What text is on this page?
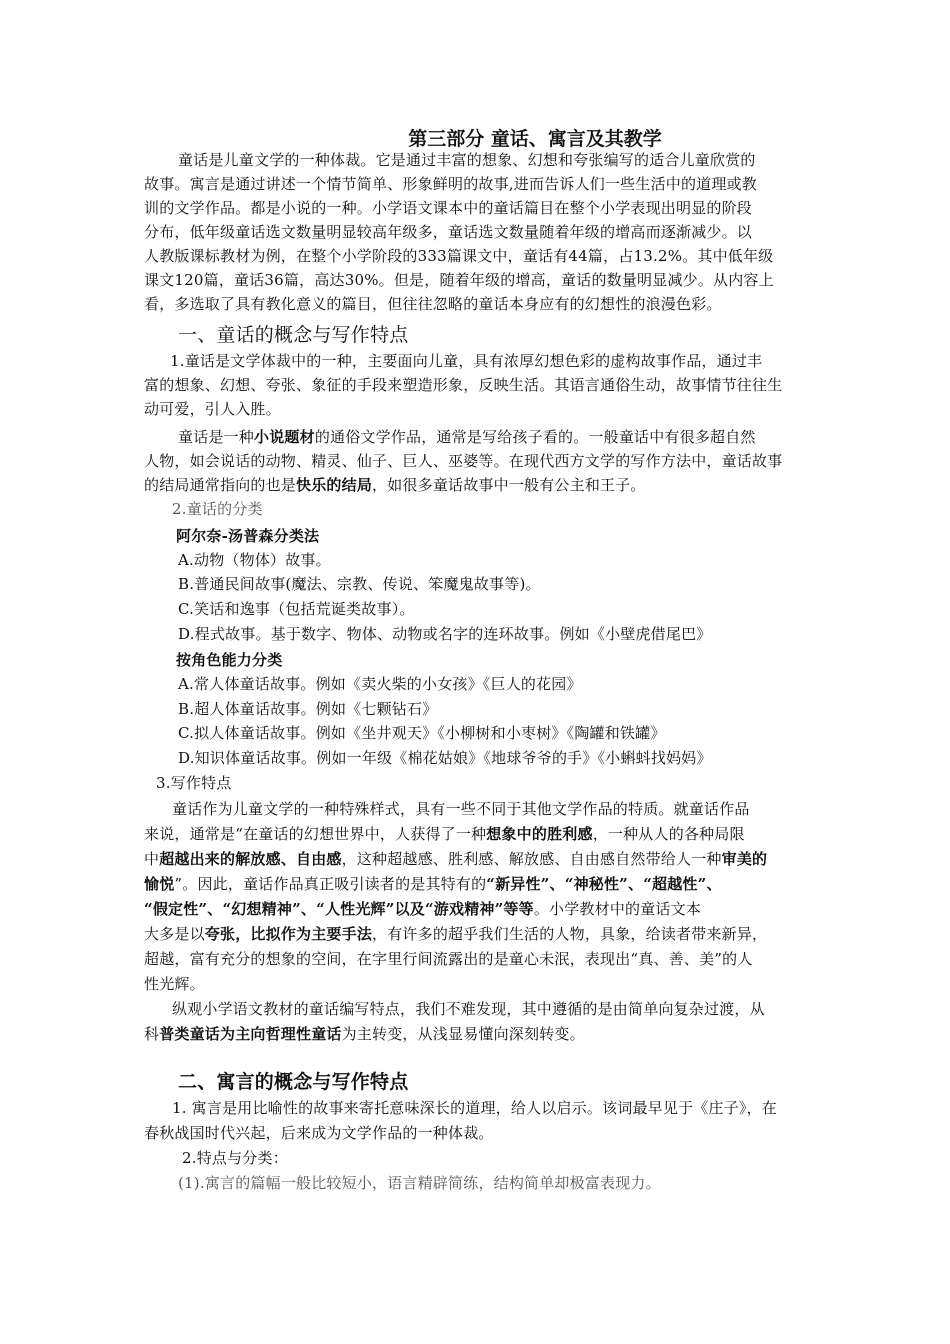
第三部分 童话、寓言及其教学
童话是儿童文学的一种体裁。它是通过丰富的想象、幻想和夸张编写的适合儿童欣赏的
故事。寓言是通过讲述一个情节简单、形象鲜明的故事,进而告诉人们一些生活中的道理或教
训的文学作品。都是小说的一种。小学语文课本中的童话篇目在整个小学表现出明显的阶段
分布，低年级童话选文数量明显较高年级多，童话选文数量随着年级的增高而逐渐减少。以
人教版课标教材为例，在整个小学阶段的333篇课文中，童话有44篇，占13.2%。其中低年级
课文120篇，童话36篇，高达30%。但是，随着年级的增高，童话的数量明显减少。从内容上
看，多选取了具有教化意义的篇目，但往往忽略的童话本身应有的幻想性的浪漫色彩。
一、童话的概念与写作特点
1.童话是文学体裁中的一种，主要面向儿童，具有浓厚幻想色彩的虚构故事作品，通过丰
富的想象、幻想、夸张、象征的手段来塑造形象，反映生活。其语言通俗生动，故事情节往往生
动可爱，引人入胜。
童话是一种小说题材的通俗文学作品，通常是写给孩子看的。一般童话中有很多超自然
人物，如会说话的动物、精灵、仙子、巨人、巫婆等。在现代西方文学的写作方法中，童话故事
的结局通常指向的也是快乐的结局，如很多童话故事中一般有公主和王子。
2.童话的分类
阿尔奈-汤普森分类法
A.动物（物体）故事。
B.普通民间故事(魔法、宗教、传说、笨魔鬼故事等)。
C.笑话和逸事（包括荒诞类故事）。
D.程式故事。基于数字、物体、动物或名字的连环故事。例如《小壁虎借尾巴》
按角色能力分类
A.常人体童话故事。例如《卖火柴的小女孩》《巨人的花园》
B.超人体童话故事。例如《七颗钻石》
C.拟人体童话故事。例如《坐井观天》《小柳树和小枣树》《陶罐和铁罐》
D.知识体童话故事。例如一年级《棉花姑娘》《地球爷爷的手》《小蝌蚪找妈妈》
3.写作特点
童话作为儿童文学的一种特殊样式，具有一些不同于其他文学作品的特质。就童话作品
来说，通常是“在童话的幻想世界中，人获得了一种想象中的胜利感，一种从人的各种局限
中超越出来的解放感、自由感，这种超越感、胜利感、解放感、自由感自然带给人一种审美的
愉悦”。因此，童话作品真正吸引读者的是其特有的“新异性”、“神秘性”、“超越性”、
“假定性”、“幻想精神”、“人性光辉”以及“游戏精神”等等。小学教材中的童话文本
大多是以夸张，比拟作为主要手法，有许多的超乎我们生活的人物，具象，给读者带来新异，
超越，富有充分的想象的空间，在字里行间流露出的是童心未泯，表现出“真、善、美”的人
性光辉。
纵观小学语文教材的童话编写特点，我们不难发现，其中遵循的是由简单向复杂过渡，从
科普类童话为主向哲理性童话为主转变，从浅显易懂向深刻转变。
二、寓言的概念与写作特点
1. 寓言是用比喻性的故事来寄托意味深长的道理，给人以启示。该词最早见于《庄子》，在
春秋战国时代兴起，后来成为文学作品的一种体裁。
2.特点与分类：
(1).寓言的篇幅一般比较短小，语言精辟简练，结构简单却极富表现力。
